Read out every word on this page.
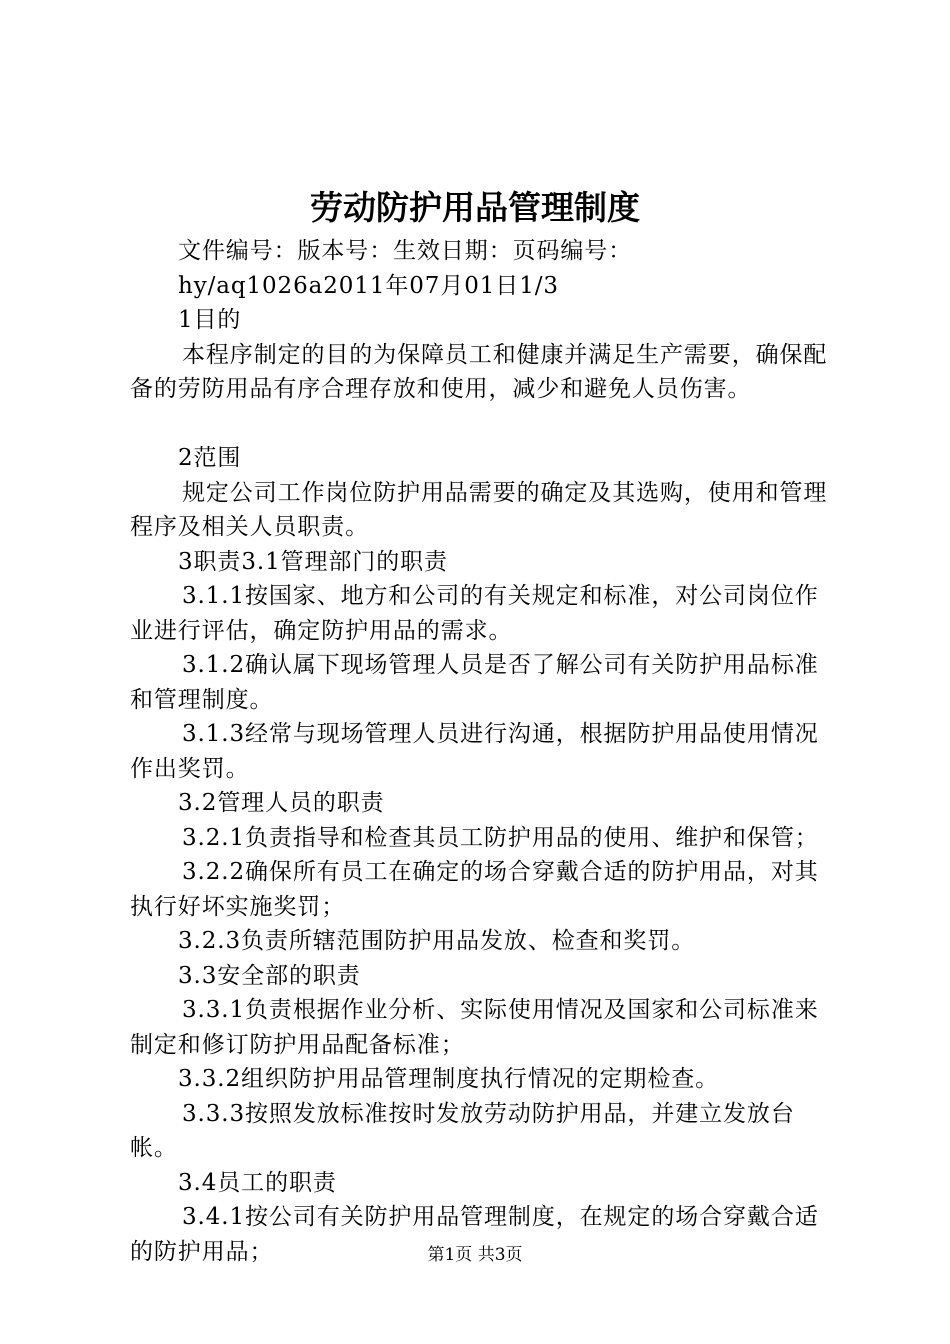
劳动防护用品管理制度

文件编号：版本号：生效日期：页码编号：

hy/aq1026a2011年07月01日1/3

1目的

本程序制定的目的为保障员工和健康并满足生产需要，确保配备的劳防用品有序合理存放和使用，减少和避免人员伤害。

2范围

规定公司工作岗位防护用品需要的确定及其选购，使用和管理程序及相关人员职责。

3职责3.1管理部门的职责

3.1.1按国家、地方和公司的有关规定和标准，对公司岗位作业进行评估，确定防护用品的需求。

3.1.2确认属下现场管理人员是否了解公司有关防护用品标准和管理制度。

3.1.3经常与现场管理人员进行沟通，根据防护用品使用情况作出奖罚。

3.2管理人员的职责

3.2.1负责指导和检查其员工防护用品的使用、维护和保管；

3.2.2确保所有员工在确定的场合穿戴合适的防护用品，对其执行好坏实施奖罚；

3.2.3负责所辖范围防护用品发放、检查和奖罚。

3.3安全部的职责

3.3.1负责根据作业分析、实际使用情况及国家和公司标准来制定和修订防护用品配备标准；

3.3.2组织防护用品管理制度执行情况的定期检查。

3.3.3按照发放标准按时发放劳动防护用品，并建立发放台帐。

3.4员工的职责

3.4.1按公司有关防护用品管理制度，在规定的场合穿戴合适的防护用品；	第1页 共3页
